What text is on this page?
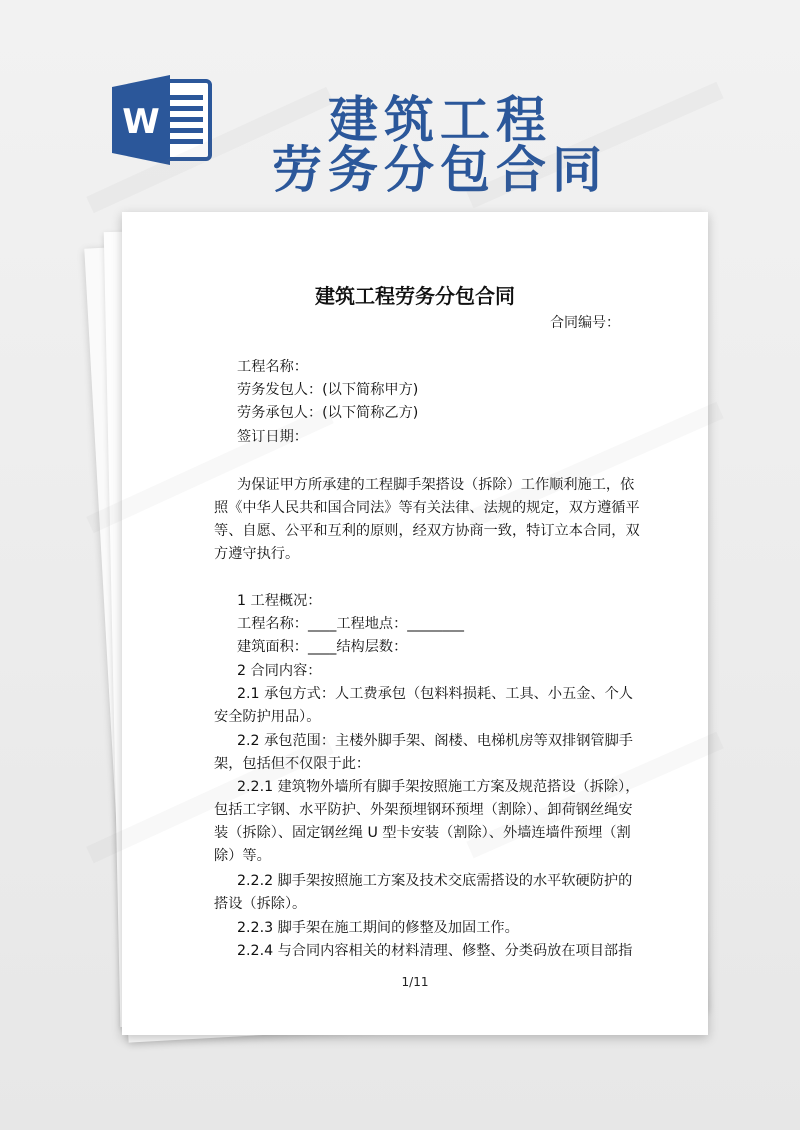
W	建筑工程
劳务分包合同
建筑工程劳务分包合同
合同编号：
工程名称：
劳务发包人：(以下简称甲方)
劳务承包人：(以下简称乙方)
签订日期：
为保证甲方所承建的工程脚手架搭设（拆除）工作顺利施工，依
照《中华人民共和国合同法》等有关法律、法规的规定，双方遵循平
等、自愿、公平和互利的原则，经双方协商一致，特订立本合同，双
方遵守执行。
1 工程概况：
工程名称：____工程地点：________
建筑面积：____结构层数：
2 合同内容：
2.1 承包方式：人工费承包（包料料损耗、工具、小五金、个人
安全防护用品）。
2.2 承包范围：主楼外脚手架、阁楼、电梯机房等双排钢管脚手
架，包括但不仅限于此：
2.2.1 建筑物外墙所有脚手架按照施工方案及规范搭设（拆除），
包括工字钢、水平防护、外架预埋钢环预埋（割除）、卸荷钢丝绳安
装（拆除）、固定钢丝绳 U 型卡安装（割除）、外墙连墙件预埋（割
除）等。
2.2.2 脚手架按照施工方案及技术交底需搭设的水平软硬防护的
搭设（拆除）。
2.2.3 脚手架在施工期间的修整及加固工作。
2.2.4 与合同内容相关的材料清理、修整、分类码放在项目部指
1/11
